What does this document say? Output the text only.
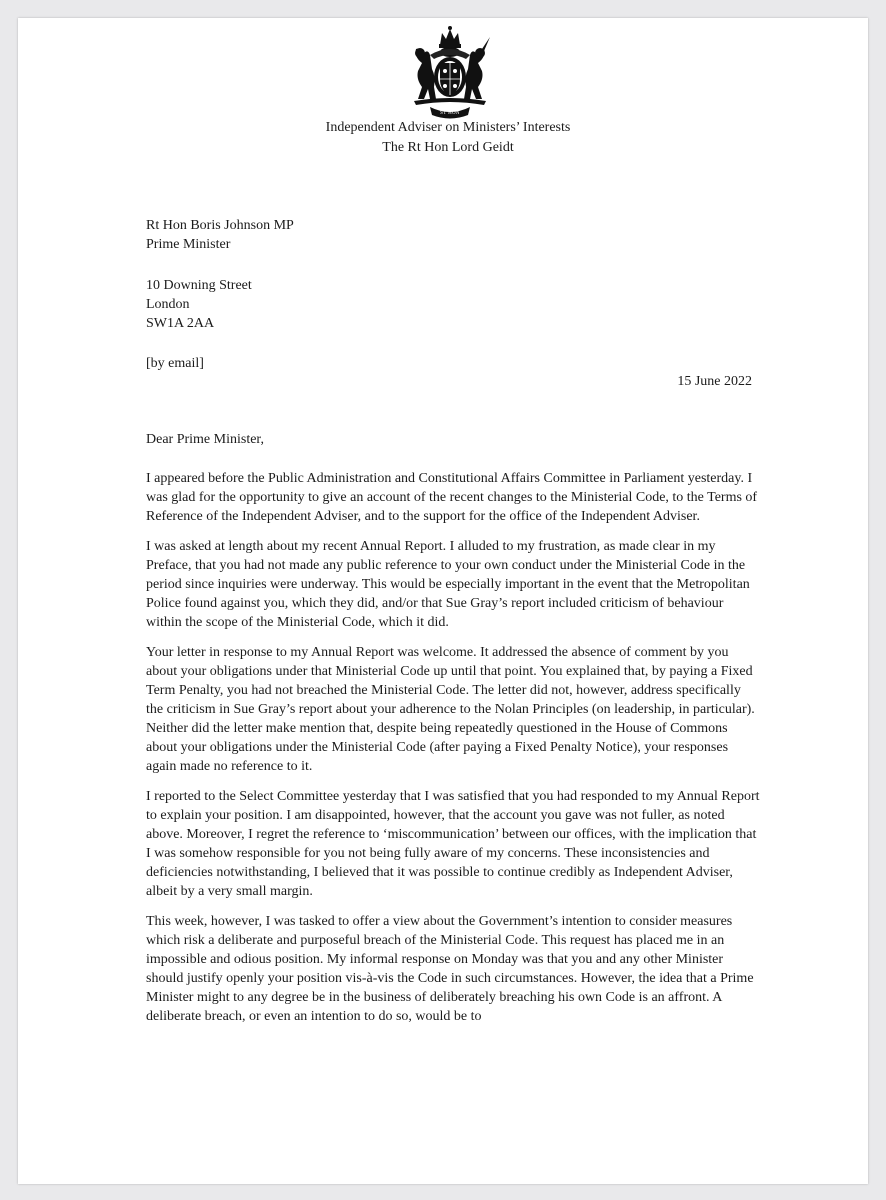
ST HON
Independent Adviser on Ministers’ Interests
The Rt Hon Lord Geidt
Rt Hon Boris Johnson MP
Prime Minister
10 Downing Street
London
SW1A 2AA
[by email]
15 June 2022

Dear Prime Minister,

I appeared before the Public Administration and Constitutional Affairs Committee in Parliament yesterday. I was glad for the opportunity to give an account of the recent changes to the Ministerial Code, to the Terms of Reference of the Independent Adviser, and to the support for the office of the Independent Adviser.

I was asked at length about my recent Annual Report. I alluded to my frustration, as made clear in my Preface, that you had not made any public reference to your own conduct under the Ministerial Code in the period since inquiries were underway. This would be especially important in the event that the Metropolitan Police found against you, which they did, and/or that Sue Gray’s report included criticism of behaviour within the scope of the Ministerial Code, which it did.

Your letter in response to my Annual Report was welcome. It addressed the absence of comment by you about your obligations under that Ministerial Code up until that point. You explained that, by paying a Fixed Term Penalty, you had not breached the Ministerial Code. The letter did not, however, address specifically the criticism in Sue Gray’s report about your adherence to the Nolan Principles (on leadership, in particular). Neither did the letter make mention that, despite being repeatedly questioned in the House of Commons about your obligations under the Ministerial Code (after paying a Fixed Penalty Notice), your responses again made no reference to it.

I reported to the Select Committee yesterday that I was satisfied that you had responded to my Annual Report to explain your position. I am disappointed, however, that the account you gave was not fuller, as noted above. Moreover, I regret the reference to ‘miscommunication’ between our offices, with the implication that I was somehow responsible for you not being fully aware of my concerns. These inconsistencies and deficiencies notwithstanding, I believed that it was possible to continue credibly as Independent Adviser, albeit by a very small margin.

This week, however, I was tasked to offer a view about the Government’s intention to consider measures which risk a deliberate and purposeful breach of the Ministerial Code. This request has placed me in an impossible and odious position. My informal response on Monday was that you and any other Minister should justify openly your position vis-à-vis the Code in such circumstances. However, the idea that a Prime Minister might to any degree be in the business of deliberately breaching his own Code is an affront. A deliberate breach, or even an intention to do so, would be to
